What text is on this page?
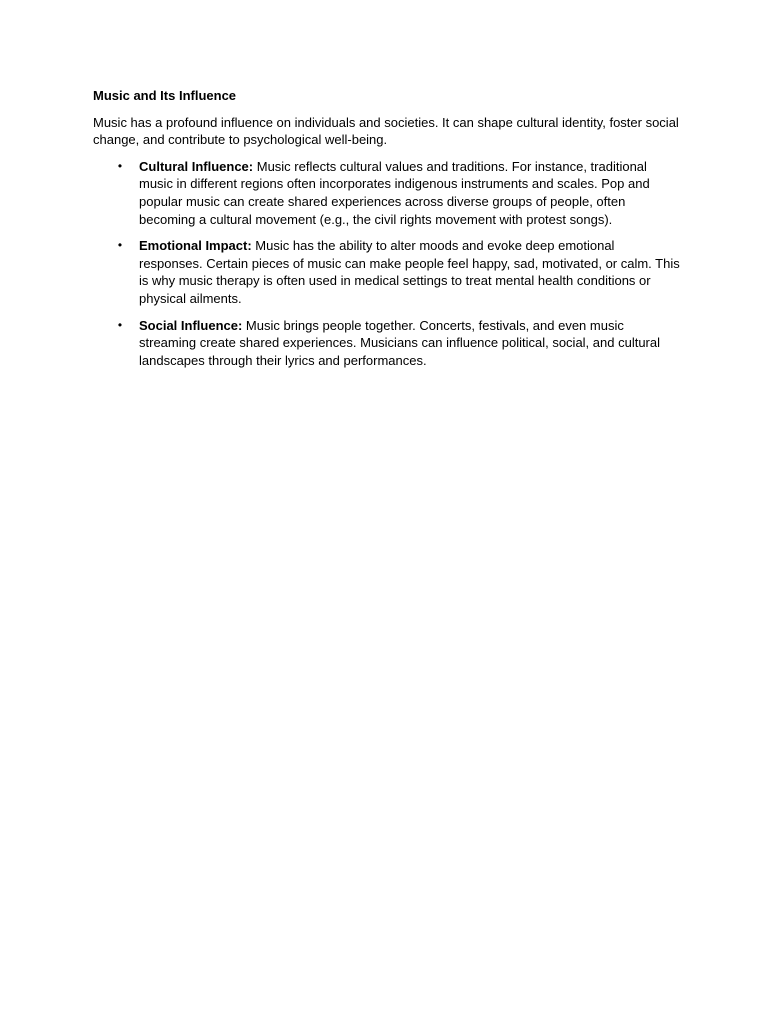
Music and Its Influence

Music has a profound influence on individuals and societies. It can shape cultural identity, foster social change, and contribute to psychological well-being.

• Cultural Influence: Music reflects cultural values and traditions. For instance, traditional music in different regions often incorporates indigenous instruments and scales. Pop and popular music can create shared experiences across diverse groups of people, often becoming a cultural movement (e.g., the civil rights movement with protest songs).
• Emotional Impact: Music has the ability to alter moods and evoke deep emotional responses. Certain pieces of music can make people feel happy, sad, motivated, or calm. This is why music therapy is often used in medical settings to treat mental health conditions or physical ailments.
• Social Influence: Music brings people together. Concerts, festivals, and even music streaming create shared experiences. Musicians can influence political, social, and cultural landscapes through their lyrics and performances.
